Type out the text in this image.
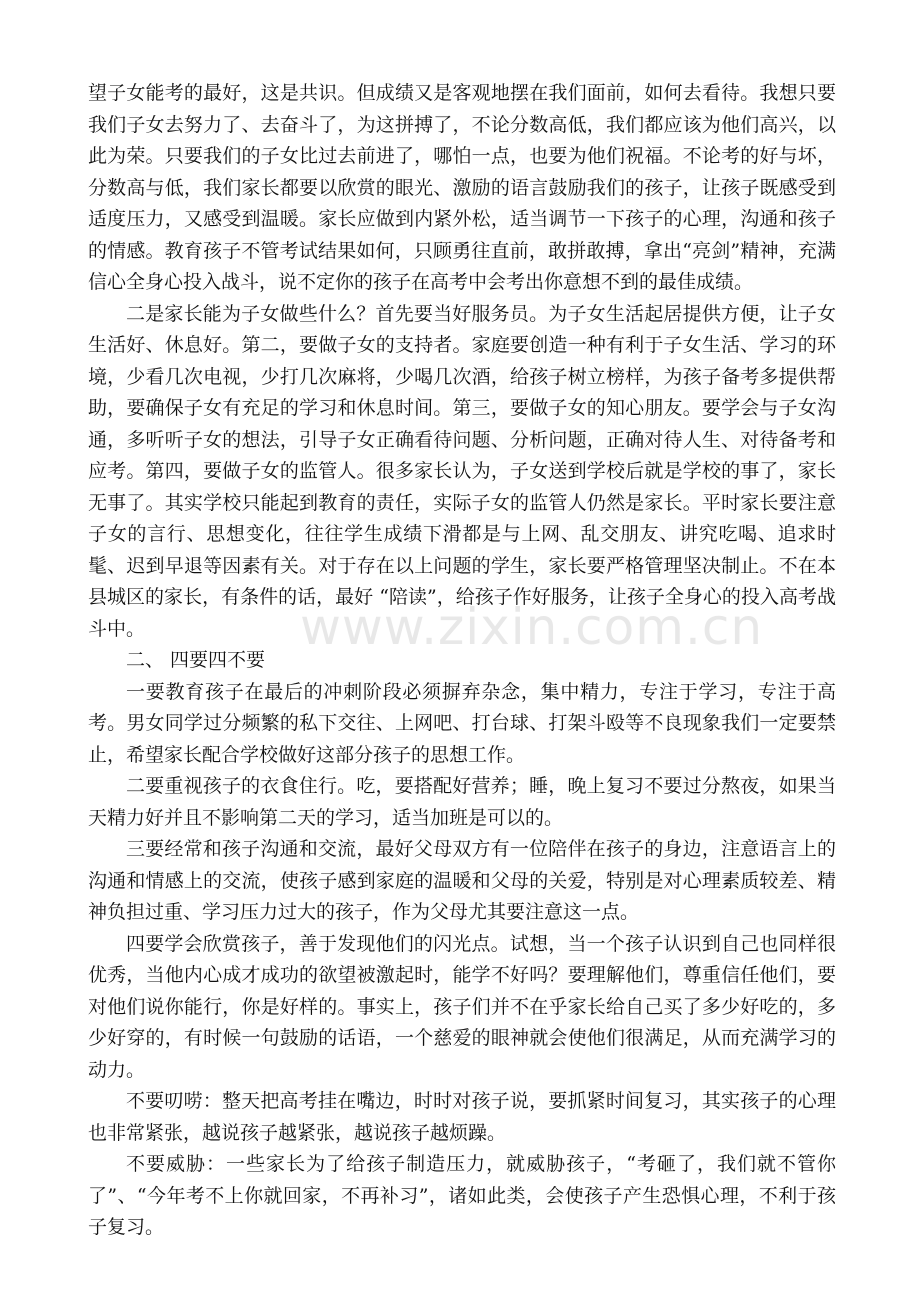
望子女能考的最好，这是共识。但成绩又是客观地摆在我们面前，如何去看待。我想只要我们子女去努力了、去奋斗了，为这拼搏了，不论分数高低，我们都应该为他们高兴，以此为荣。只要我们的子女比过去前进了，哪怕一点，也要为他们祝福。不论考的好与坏，分数高与低，我们家长都要以欣赏的眼光、激励的语言鼓励我们的孩子，让孩子既感受到适度压力，又感受到温暖。家长应做到内紧外松，适当调节一下孩子的心理，沟通和孩子的情感。教育孩子不管考试结果如何，只顾勇往直前，敢拼敢搏，拿出“亮剑”精神，充满信心全身心投入战斗，说不定你的孩子在高考中会考出你意想不到的最佳成绩。

二是家长能为子女做些什么？首先要当好服务员。为子女生活起居提供方便，让子女生活好、休息好。第二，要做子女的支持者。家庭要创造一种有利于子女生活、学习的环境，少看几次电视，少打几次麻将，少喝几次酒，给孩子树立榜样，为孩子备考多提供帮助，要确保子女有充足的学习和休息时间。第三，要做子女的知心朋友。要学会与子女沟通，多听听子女的想法，引导子女正确看待问题、分析问题，正确对待人生、对待备考和应考。第四，要做子女的监管人。很多家长认为，子女送到学校后就是学校的事了，家长无事了。其实学校只能起到教育的责任，实际子女的监管人仍然是家长。平时家长要注意子女的言行、思想变化，往往学生成绩下滑都是与上网、乱交朋友、讲究吃喝、追求时髦、迟到早退等因素有关。对于存在以上问题的学生，家长要严格管理坚决制止。不在本县城区的家长，有条件的话，最好 “陪读”，给孩子作好服务，让孩子全身心的投入高考战斗中。

二、 四要四不要

一要教育孩子在最后的冲刺阶段必须摒弃杂念，集中精力，专注于学习，专注于高考。男女同学过分频繁的私下交往、上网吧、打台球、打架斗殴等不良现象我们一定要禁止，希望家长配合学校做好这部分孩子的思想工作。

二要重视孩子的衣食住行。吃，要搭配好营养；睡，晚上复习不要过分熬夜，如果当天精力好并且不影响第二天的学习，适当加班是可以的。

三要经常和孩子沟通和交流，最好父母双方有一位陪伴在孩子的身边，注意语言上的沟通和情感上的交流，使孩子感到家庭的温暖和父母的关爱，特别是对心理素质较差、精神负担过重、学习压力过大的孩子，作为父母尤其要注意这一点。

四要学会欣赏孩子，善于发现他们的闪光点。试想，当一个孩子认识到自己也同样很优秀，当他内心成才成功的欲望被激起时，能学不好吗？要理解他们，尊重信任他们，要对他们说你能行，你是好样的。事实上，孩子们并不在乎家长给自己买了多少好吃的，多少好穿的，有时候一句鼓励的话语，一个慈爱的眼神就会使他们很满足，从而充满学习的动力。

不要叨唠：整天把高考挂在嘴边，时时对孩子说，要抓紧时间复习，其实孩子的心理也非常紧张，越说孩子越紧张，越说孩子越烦躁。

不要威胁：一些家长为了给孩子制造压力，就威胁孩子，“考砸了，我们就不管你了”、“今年考不上你就回家，不再补习”，诸如此类，会使孩子产生恐惧心理，不利于孩子复习。

www.zixin.com.cn
